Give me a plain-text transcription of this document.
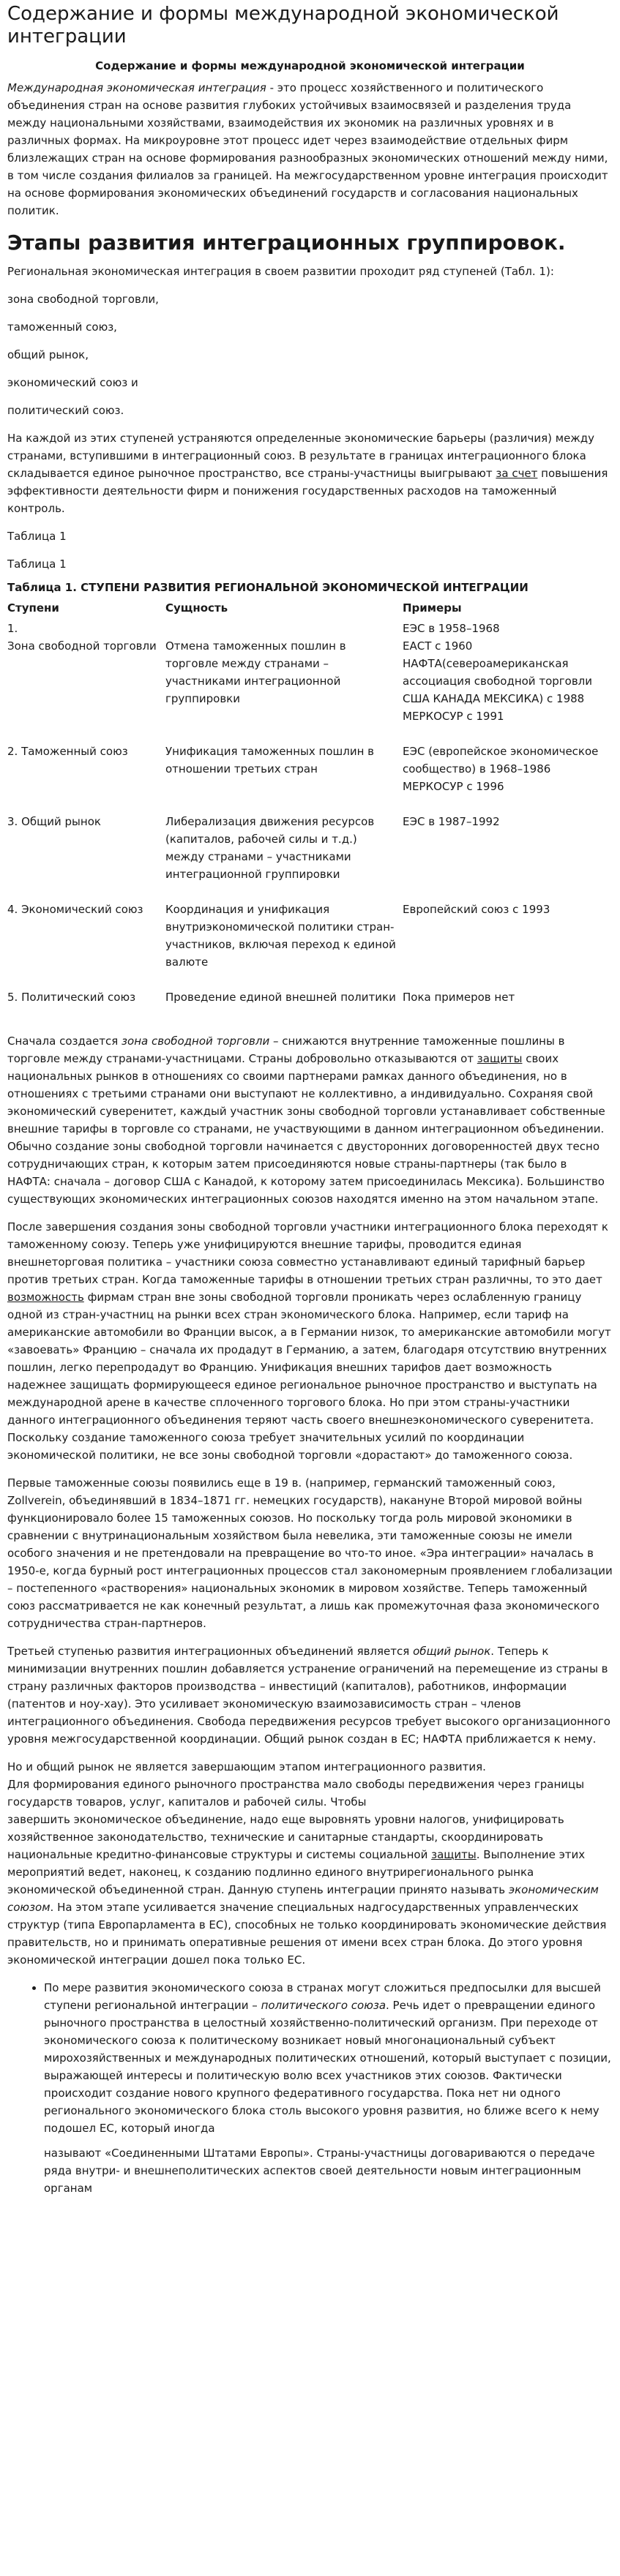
Содержание и формы международной экономической интеграции
Содержание и формы международной экономической интеграции

Международная экономическая интеграция - это процесс хозяйственного и политического объединения стран на основе развития глубоких устойчивых взаимосвязей и разделения труда между национальными хозяйствами, взаимодействия их экономик на различных уровнях и в различных формах. На микроуровне этот процесс идет через взаимодействие отдельных фирм близлежащих стран на основе формирования разнообразных экономических отношений между ними, в том числе создания филиалов за границей. На межгосударственном уровне интеграция происходит на основе формирования экономических объединений государств и согласования национальных политик.

Этапы развития интеграционных группировок.

Региональная экономическая интеграция в своем развитии проходит ряд ступеней (Табл. 1):

зона свободной торговли,
таможенный союз,
общий рынок,
экономический союз и
политический союз.

На каждой из этих ступеней устраняются определенные экономические барьеры (различия) между странами, вступившими в интеграционный союз. В результате в границах интеграционного блока складывается единое рыночное пространство, все страны-участницы выигрывают за счет повышения эффективности деятельности фирм и понижения государственных расходов на таможенный контроль.

Таблица 1

Таблица 1
Таблица 1. СТУПЕНИ РАЗВИТИЯ РЕГИОНАЛЬНОЙ ЭКОНОМИЧЕСКОЙ ИНТЕГРАЦИИ
Ступени	Сущность	Примеры

1.
Зона свободной торговли	Отмена таможенных пошлин в торговле между странами – участниками интеграционной группировки	ЕЭС в 1958–1968
ЕАСТ с 1960
НАФТА(североамериканская ассоциация свободной торговли США КАНАДА МЕКСИКА) с 1988
МЕРКОСУР с 1991

2. Таможенный союз	Унификация таможенных пошлин в отношении третьих стран	ЕЭС (европейское экономическое сообщество) в 1968–1986
МЕРКОСУР с 1996

3. Общий рынок	Либерализация движения ресурсов (капиталов, рабочей силы и т.д.) между странами – участниками интеграционной группировки	ЕЭС в 1987–1992
4. Экономический союз	Координация и унификация внутриэкономической политики стран-участников, включая переход к единой валюте	Европейский союз с 1993
5. Политический союз	Проведение единой внешней политики	Пока примеров нет

Сначала создается зона свободной торговли – снижаются внутренние таможенные пошлины в торговле между странами-участницами. Страны добровольно отказываются от защиты своих национальных рынков в отношениях со своими партнерами рамках данного объединения, но в отношениях с третьими странами они выступают не коллективно, а индивидуально. Сохраняя свой экономический суверенитет, каждый участник зоны свободной торговли устанавливает собственные внешние тарифы в торговле со странами, не участвующими в данном интеграционном объединении. Обычно создание зоны свободной торговли начинается с двусторонних договоренностей двух тесно сотрудничающих стран, к которым затем присоединяются новые страны-партнеры (так было в НАФТА: сначала – договор США с Канадой, к которому затем присоединилась Мексика). Большинство существующих экономических интеграционных союзов находятся именно на этом начальном этапе.

После завершения создания зоны свободной торговли участники интеграционного блока переходят к таможенному союзу. Теперь уже унифицируются внешние тарифы, проводится единая внешнеторговая политика – участники союза совместно устанавливают единый тарифный барьер против третьих стран. Когда таможенные тарифы в отношении третьих стран различны, то это дает возможность фирмам стран вне зоны свободной торговли проникать через ослабленную границу одной из стран-участниц на рынки всех стран экономического блока. Например, если тариф на американские автомобили во Франции высок, а в Германии низок, то американские автомобили могут «завоевать» Францию – сначала их продадут в Германию, а затем, благодаря отсутствию внутренних пошлин, легко перепродадут во Францию. Унификация внешних тарифов дает возможность надежнее защищать формирующееся единое региональное рыночное пространство и выступать на международной арене в качестве сплоченного торгового блока. Но при этом страны-участники данного интеграционного объединения теряют часть своего внешнеэкономического суверенитета. Поскольку создание таможенного союза требует значительных усилий по координации экономической политики, не все зоны свободной торговли «дорастают» до таможенного союза.

Первые таможенные союзы появились еще в 19 в. (например, германский таможенный союз, Zollverein, объединявший в 1834–1871 гг. немецких государств), накануне Второй мировой войны функционировало более 15 таможенных союзов. Но поскольку тогда роль мировой экономики в сравнении с внутринациональным хозяйством была невелика, эти таможенные союзы не имели особого значения и не претендовали на превращение во что-то иное. «Эра интеграции» началась в 1950-е, когда бурный рост интеграционных процессов стал закономерным проявлением глобализации – постепенного «растворения» национальных экономик в мировом хозяйстве. Теперь таможенный союз рассматривается не как конечный результат, а лишь как промежуточная фаза экономического сотрудничества стран-партнеров.

Третьей ступенью развития интеграционных объединений является общий рынок. Теперь к минимизации внутренних пошлин добавляется устранение ограничений на перемещение из страны в страну различных факторов производства – инвестиций (капиталов), работников, информации (патентов и ноу-хау). Это усиливает экономическую взаимозависимость стран – членов интеграционного объединения. Свобода передвижения ресурсов требует высокого организационного уровня межгосударственной координации. Общий рынок создан в ЕС; НАФТА приближается к нему.

Но и общий рынок не является завершающим этапом интеграционного развития.
Для формирования единого рыночного пространства мало свободы передвижения через границы государств товаров, услуг, капиталов и рабочей силы. Чтобы
завершить экономическое объединение, надо еще выровнять уровни налогов, унифицировать хозяйственное законодательство, технические и санитарные стандарты, скоординировать национальные кредитно-финансовые структуры и системы социальной защиты. Выполнение этих мероприятий ведет, наконец, к созданию подлинно единого внутрирегионального рынка экономической объединенной стран. Данную ступень интеграции принято называть экономическим союзом. На этом этапе усиливается значение специальных надгосударственных управленческих структур (типа Европарламента в ЕС), способных не только координировать экономические действия правительств, но и принимать оперативные решения от имени всех стран блока. До этого уровня экономической интеграции дошел пока только ЕС.
• По мере развития экономического союза в странах могут сложиться предпосылки для высшей ступени региональной интеграции – политического союза. Речь идет о превращении единого рыночного пространства в целостный хозяйственно-политический организм. При переходе от экономического союза к политическому возникает новый многонациональный субъект мирохозяйственных и международных политических отношений, который выступает с позиции, выражающей интересы и политическую волю всех участников этих союзов. Фактически происходит создание нового крупного федеративного государства. Пока нет ни одного регионального экономического блока столь высокого уровня развития, но ближе всего к нему подошел ЕС, который иногда
называют «Соединенными Штатами Европы». Страны-участницы договариваются о передаче ряда внутри- и внешнеполитических аспектов своей деятельности новым интеграционным органам
